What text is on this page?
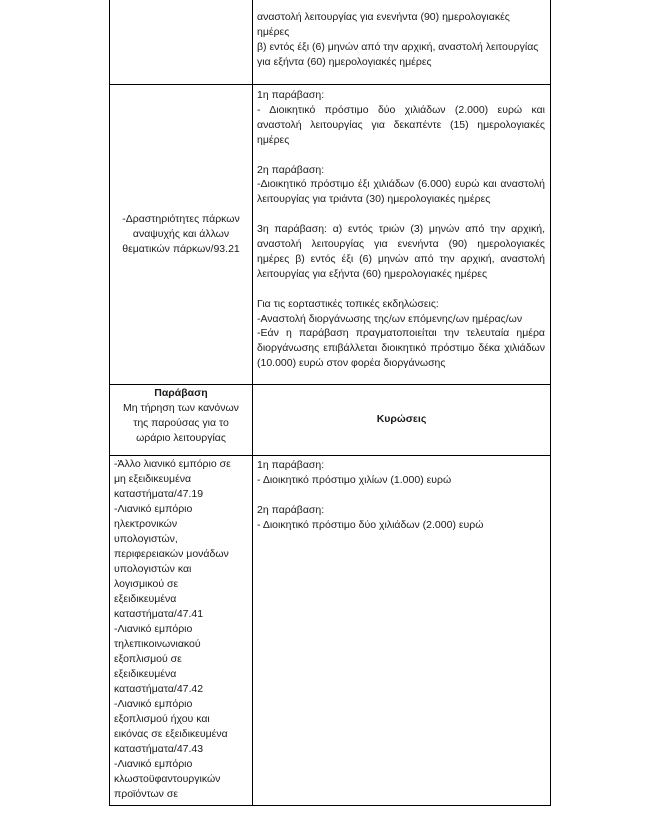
αναστολή λειτουργίας για ενενήντα (90) ημερολογιακές ημέρες

β) εντός έξι (6) μηνών από την αρχική, αναστολή λειτουργίας

για εξήντα (60) ημερολογιακές ημέρες

-Δραστηριότητες πάρκων

αναψυχής και άλλων

θεματικών πάρκων/93.21

1η παράβαση:

- Διοικητικό πρόστιμο δύο χιλιάδων (2.000) ευρώ και αναστολή λειτουργίας για δεκαπέντε (15) ημερολογιακές ημέρες

2η παράβαση:

-Διοικητικό πρόστιμο έξι χιλιάδων (6.000) ευρώ και αναστολή λειτουργίας για τριάντα (30) ημερολογιακές ημέρες

3η παράβαση: α) εντός τριών (3) μηνών από την αρχική, αναστολή λειτουργίας για ενενήντα (90) ημερολογιακές ημέρες β) εντός έξι (6) μηνών από την αρχική, αναστολή λειτουργίας για εξήντα (60) ημερολογιακές ημέρες

Για τις εορταστικές τοπικές εκδηλώσεις:

-Αναστολή διοργάνωσης της/ων επόμενης/ων ημέρας/ων

-Εάν η παράβαση πραγματοποιείται την τελευταία ημέρα διοργάνωσης επιβάλλεται διοικητικό πρόστιμο δέκα χιλιάδων (10.000) ευρώ στον φορέα διοργάνωσης

Παράβαση

Μη τήρηση των κανόνων

της παρούσας για το

ωράριο λειτουργίας

Κυρώσεις

-Άλλο λιανικό εμπόριο σε

μη εξειδικευμένα

καταστήματα/47.19

-Λιανικό εμπόριο

ηλεκτρονικών

υπολογιστών,

περιφερειακών μονάδων

υπολογιστών και

λογισμικού σε

εξειδικευμένα

καταστήματα/47.41

-Λιανικό εμπόριο

τηλεπικοινωνιακού

εξοπλισμού σε

εξειδικευμένα

καταστήματα/47.42

-Λιανικό εμπόριο

εξοπλισμού ήχου και

εικόνας σε εξειδικευμένα

καταστήματα/47.43

-Λιανικό εμπόριο

κλωστοϋφαντουργικών

προϊόντων σε

1η παράβαση:

- Διοικητικό πρόστιμο χιλίων (1.000) ευρώ

2η παράβαση:

- Διοικητικό πρόστιμο δύο χιλιάδων (2.000) ευρώ
